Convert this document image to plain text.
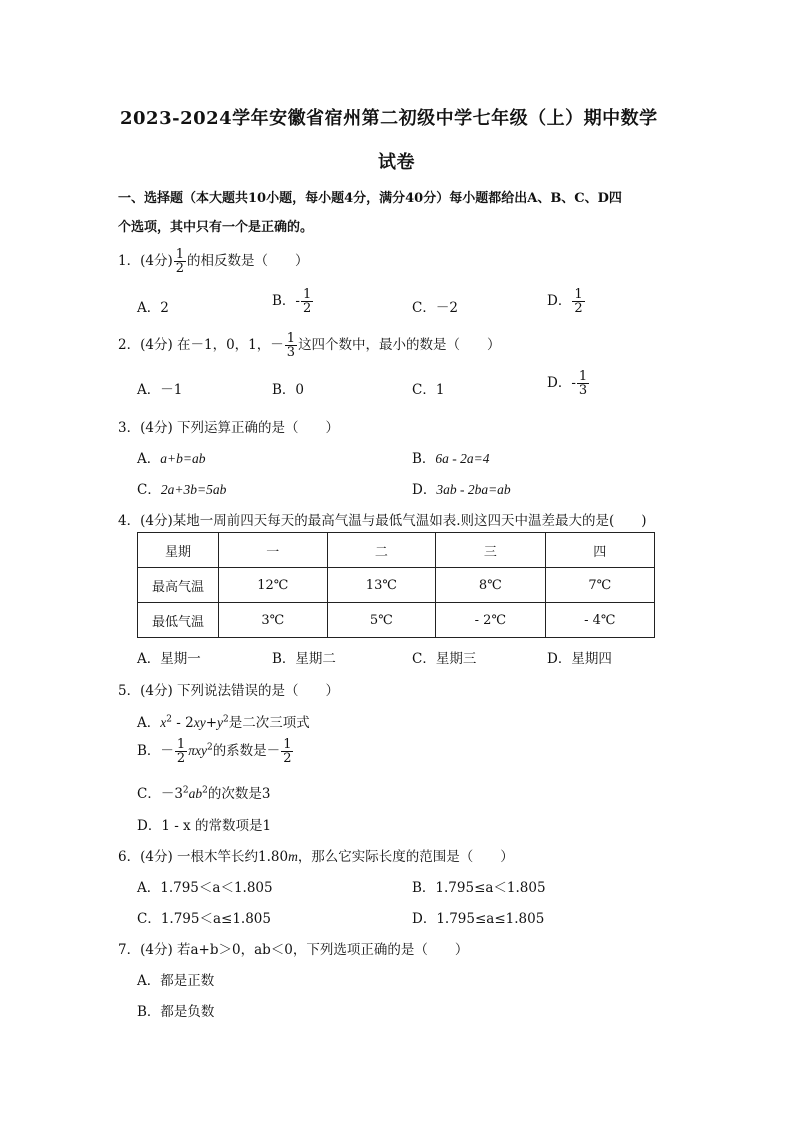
2023-2024学年安徽省宿州第二初级中学七年级（上）期中数学
试卷
一、选择题（本大题共10小题，每小题4分，满分40分）每小题都给出A、B、C、D四
个选项，其中只有一个是正确的。
1．(4分) $\frac{1}{2}$ 的相反数是（　　）
A．2	B．- $\frac{1}{2}$	C．－2	D． $\frac{1}{2}$
2．(4分) 在－1，0，1，－ $\frac{1}{3}$ 这四个数中，最小的数是（　　）
A．－1	B．0	C．1	D．- $\frac{1}{3}$
3．(4分) 下列运算正确的是（　　）
A．a+b=ab	B．6a - 2a=4
C．2a+3b=5ab	D．3ab - 2ba=ab
4．(4分)某地一周前四天每天的最高气温与最低气温如表.则这四天中温差最大的是(　　)
星期	一	二	三	四
最高气温	12℃	13℃	8℃	7℃
最低气温	3℃	5℃	- 2℃	- 4℃
A．星期一	B．星期二	C．星期三	D．星期四
5．(4分) 下列说法错误的是（　　）
A．$x^2 - 2xy+y^2$是二次三项式
B．－ $\frac{1}{2} \pi xy^2$的系数是－ $\frac{1}{2}$
C．$-3^2ab^2$的次数是3
D．1 - x 的常数项是1
6．(4分) 一根木竿长约1.80m，那么它实际长度的范围是（　　）
A．1.795＜a＜1.805	B．1.795≤a＜1.805
C．1.795＜a≤1.805	D．1.795≤a≤1.805
7．(4分) 若a+b＞0，ab＜0，下列选项正确的是（　　）
A．都是正数
B．都是负数
